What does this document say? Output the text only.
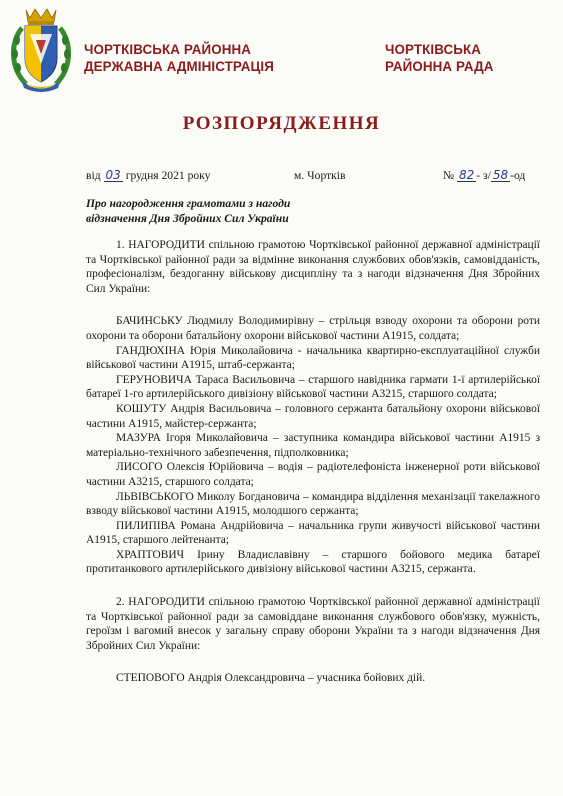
ЧОРТКІВСЬКА РАЙОННА
ДЕРЖАВНА АДМІНІСТРАЦІЯ
ЧОРТКІВСЬКА
РАЙОННА РАДА
РОЗПОРЯДЖЕННЯ
від 03 грудня 2021 року	м. Чортків	№ 82 - з/ 58 -од
Про нагородження грамотами з нагоди
відзначення Дня Збройних Сил України

1. НАГОРОДИТИ спільною грамотою Чортківської районної державної адміністрації та Чортківської районної ради за відмінне виконання службових обов'язків, самовідданість, професіоналізм, бездоганну військову дисципліну та з нагоди відзначення Дня Збройних Сил України:

БАЧИНСЬКУ Людмилу Володимирівну – стрільця взводу охорони та оборони роти охорони та оборони батальйону охорони військової частини А1915, солдата;

ГАНДЮХІНА Юрія Миколайовича - начальника квартирно-експлуатаційної служби військової частини А1915, штаб-сержанта;

ГЕРУНОВИЧА Тараса Васильовича – старшого навідника гармати 1-ї артилерійської батареї 1-го артилерійського дивізіону військової частини А3215, старшого солдата;

КОШУТУ Андрія Васильовича – головного сержанта батальйону охорони військової частини А1915, майстер-сержанта;

МАЗУРА Ігоря Миколайовича – заступника командира військової частини А1915 з матеріально-технічного забезпечення, підполковника;

ЛИСОГО Олексія Юрійовича – водія – радіотелефоніста інженерної роти військової частини А3215, старшого солдата;

ЛЬВІВСЬКОГО Миколу Богдановича – командира відділення механізації такелажного взводу військової частини А1915, молодшого сержанта;

ПИЛИПІВА Романа Андрійовича – начальника групи живучості військової частини А1915, старшого лейтенанта;

ХРАПТОВИЧ Ірину Владиславівну – старшого бойового медика батареї протитанкового артилерійського дивізіону військової частини А3215, сержанта.

2. НАГОРОДИТИ спільною грамотою Чортківської районної державної адміністрації та Чортківської районної ради за самовіддане виконання службового обов'язку, мужність, героїзм і вагомий внесок у загальну справу оборони України та з нагоди відзначення Дня Збройних Сил України:

СТЕПОВОГО Андрія Олександровича – учасника бойових дій.
